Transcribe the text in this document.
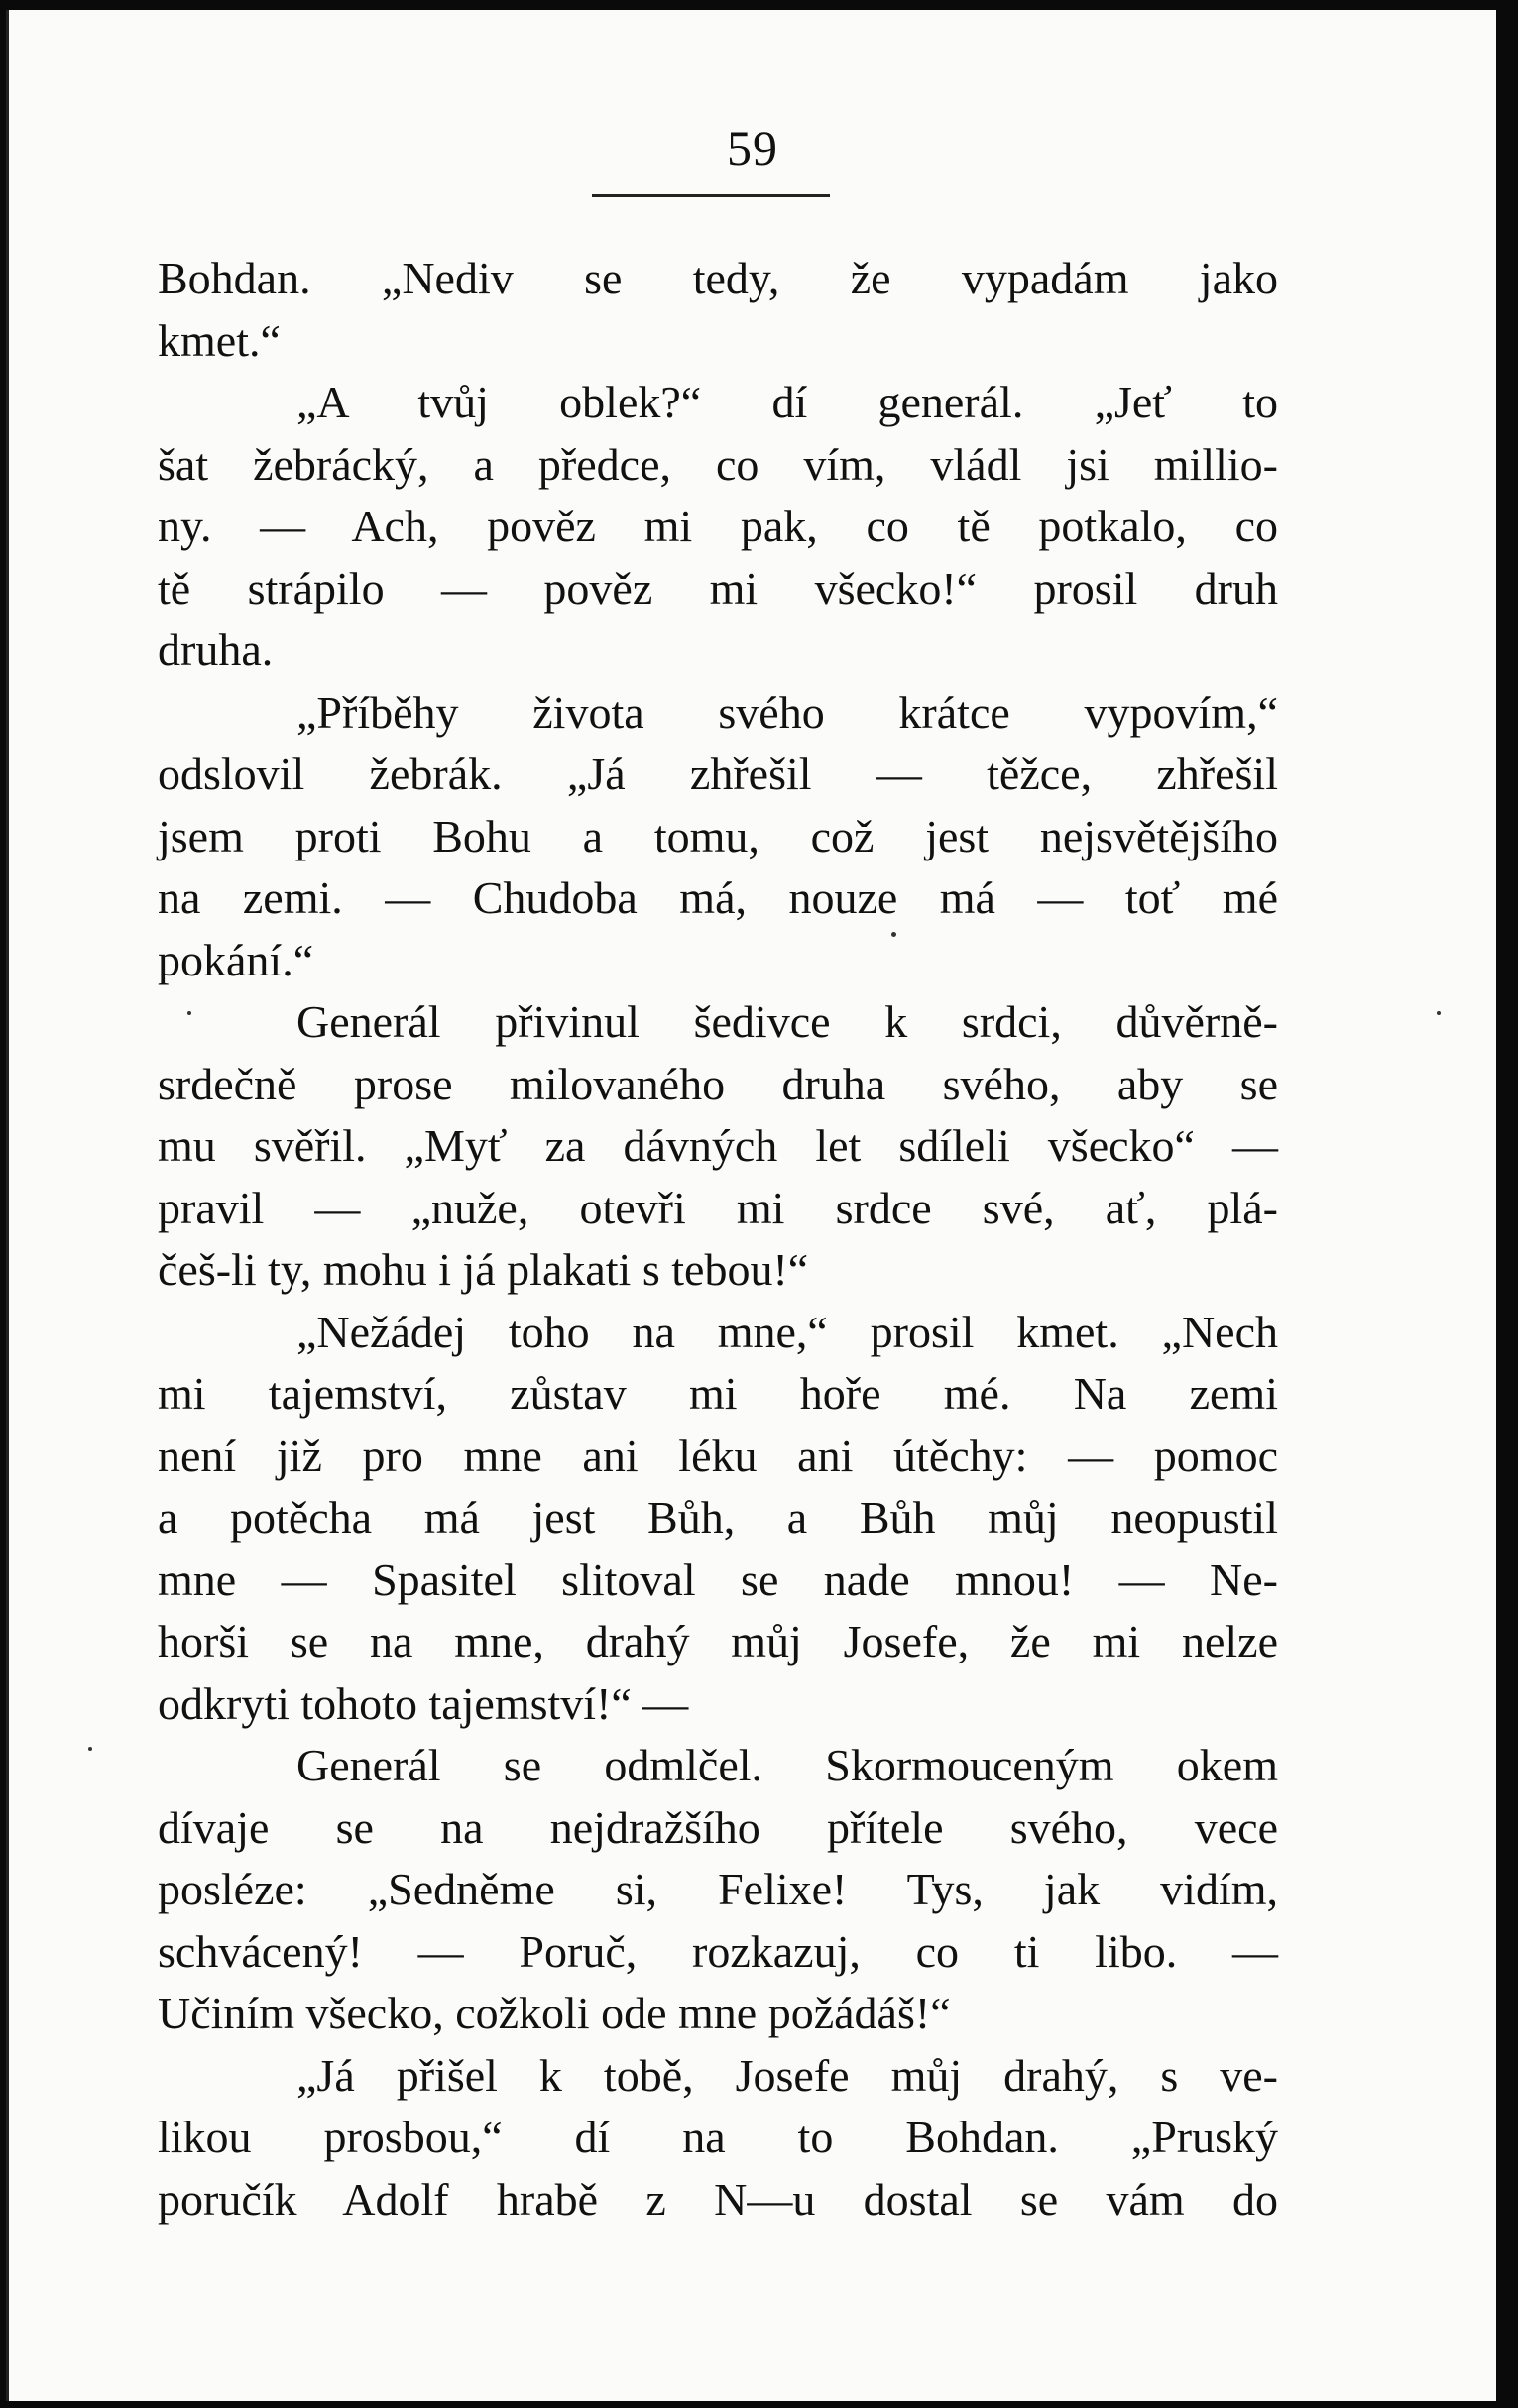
59
Bohdan. „Nediv se tedy, že vypadám jako
kmet.“
„A tvůj oblek?“ dí generál. „Jeť to
šat žebrácký, a předce, co vím, vládl jsi millio-
ny. — Ach, pověz mi pak, co tě potkalo, co
tě strápilo — pověz mi všecko!“ prosil druh
druha.
„Příběhy života svého krátce vypovím,“
odslovil žebrák. „Já zhřešil — těžce, zhřešil
jsem proti Bohu a tomu, což jest nejsvětějšího
na zemi. — Chudoba má, nouze má — toť mé
pokání.“
Generál přivinul šedivce k srdci, důvěrně-
srdečně prose milovaného druha svého, aby se
mu svěřil. „Myť za dávných let sdíleli všecko“ —
pravil — „nuže, otevři mi srdce své, ať, plá-
češ-li ty, mohu i já plakati s tebou!“
„Nežádej toho na mne,“ prosil kmet. „Nech
mi tajemství, zůstav mi hoře mé. Na zemi
není již pro mne ani léku ani útěchy: — pomoc
a potěcha má jest Bůh, a Bůh můj neopustil
mne — Spasitel slitoval se nade mnou! — Ne-
horši se na mne, drahý můj Josefe, že mi nelze
odkryti tohoto tajemství!“ —
Generál se odmlčel. Skormouceným okem
dívaje se na nejdražšího přítele svého, vece
posléze: „Sedněme si, Felixe! Tys, jak vidím,
schvácený! — Poruč, rozkazuj, co ti libo. —
Učiním všecko, cožkoli ode mne požádáš!“
„Já přišel k tobě, Josefe můj drahý, s ve-
likou prosbou,“ dí na to Bohdan. „Pruský
poručík Adolf hrabě z N—u dostal se vám do
